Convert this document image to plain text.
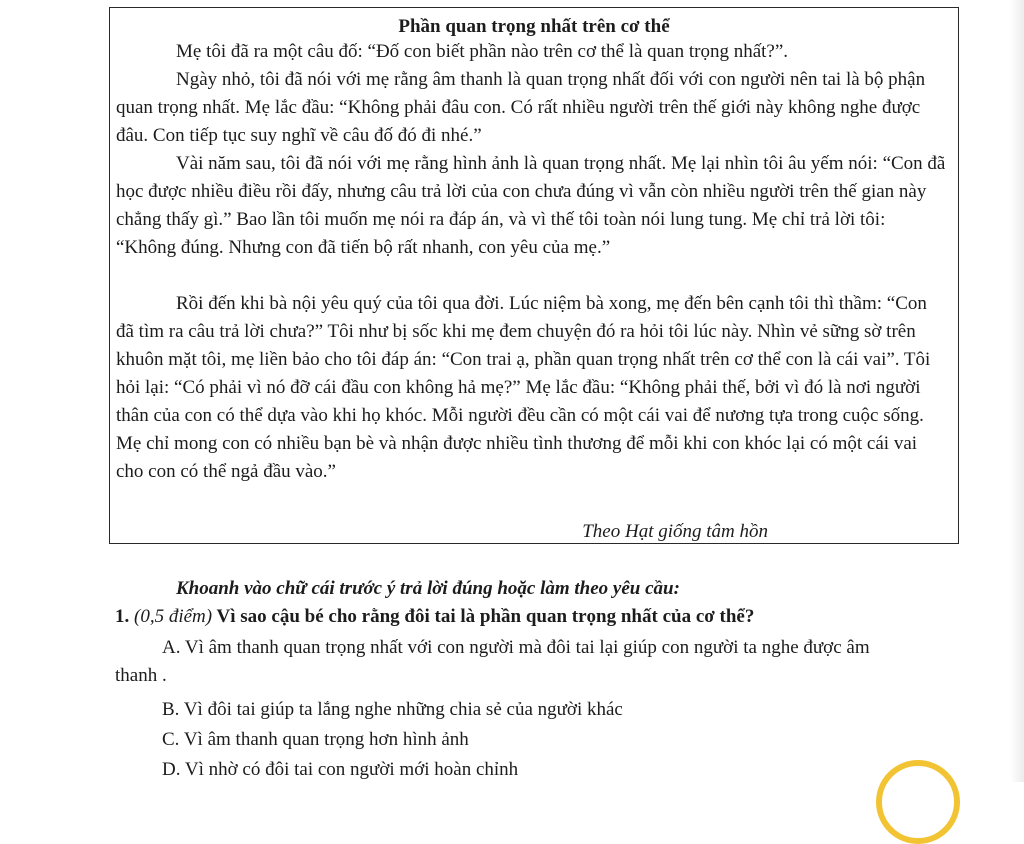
Phần quan trọng nhất trên cơ thể

Mẹ tôi đã ra một câu đố: “Đố con biết phần nào trên cơ thể là quan trọng nhất?”.

Ngày nhỏ, tôi đã nói với mẹ rằng âm thanh là quan trọng nhất đối với con người nên tai là bộ phận quan trọng nhất. Mẹ lắc đầu: “Không phải đâu con. Có rất nhiều người trên thế giới này không nghe được đâu. Con tiếp tục suy nghĩ về câu đố đó đi nhé.”

Vài năm sau, tôi đã nói với mẹ rằng hình ảnh là quan trọng nhất. Mẹ lại nhìn tôi âu yếm nói: “Con đã học được nhiều điều rồi đấy, nhưng câu trả lời của con chưa đúng vì vẫn còn nhiều người trên thế gian này chẳng thấy gì.” Bao lần tôi muốn mẹ nói ra đáp án, và vì thế tôi toàn nói lung tung. Mẹ chỉ trả lời tôi: “Không đúng. Nhưng con đã tiến bộ rất nhanh, con yêu của mẹ.”

Rồi đến khi bà nội yêu quý của tôi qua đời. Lúc niệm bà xong, mẹ đến bên cạnh tôi thì thầm: “Con đã tìm ra câu trả lời chưa?” Tôi như bị sốc khi mẹ đem chuyện đó ra hỏi tôi lúc này. Nhìn vẻ sững sờ trên khuôn mặt tôi, mẹ liền bảo cho tôi đáp án: “Con trai ạ, phần quan trọng nhất trên cơ thể con là cái vai”. Tôi hỏi lại: “Có phải vì nó đỡ cái đầu con không hả mẹ?” Mẹ lắc đầu: “Không phải thế, bởi vì đó là nơi người thân của con có thể dựa vào khi họ khóc. Mỗi người đều cần có một cái vai để nương tựa trong cuộc sống. Mẹ chỉ mong con có nhiều bạn bè và nhận được nhiều tình thương để mỗi khi con khóc lại có một cái vai cho con có thể ngả đầu vào.”

Theo Hạt giống tâm hồn
Khoanh vào chữ cái trước ý trả lời đúng hoặc làm theo yêu cầu:
1. (0,5 điểm) Vì sao cậu bé cho rằng đôi tai là phần quan trọng nhất của cơ thể?
A. Vì âm thanh quan trọng nhất với con người mà đôi tai lại giúp con người ta nghe được âm thanh .
B. Vì đôi tai giúp ta lắng nghe những chia sẻ của người khác
C. Vì âm thanh quan trọng hơn hình ảnh
D. Vì nhờ có đôi tai con người mới hoàn chỉnh
